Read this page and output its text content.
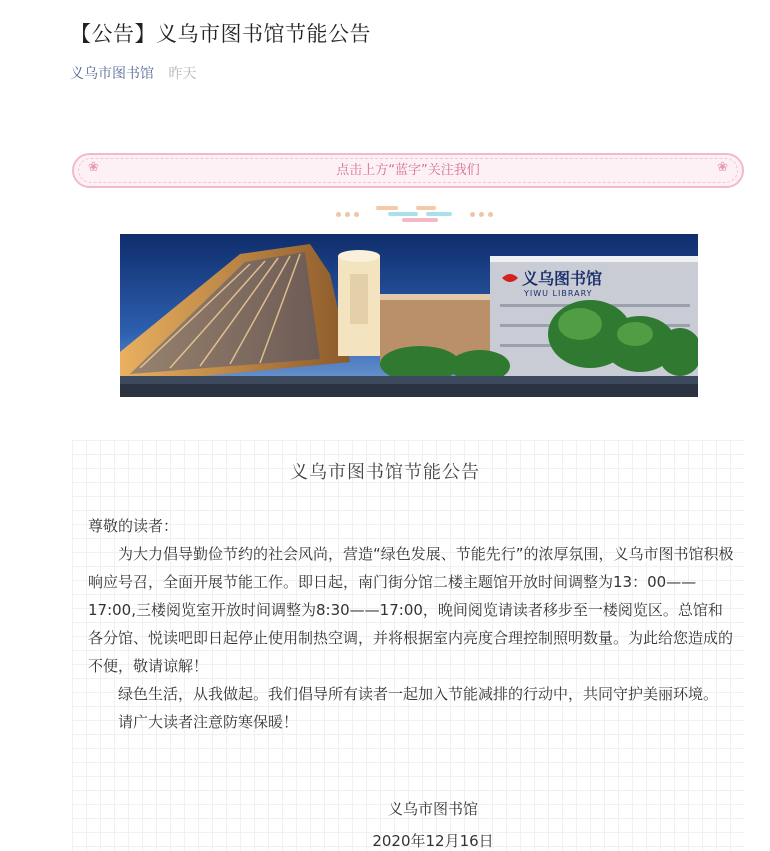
【公告】义乌市图书馆节能公告
义乌市图书馆 昨天
❀	❀
点击上方“蓝字”关注我们
义乌图书馆
YIWU LIBRARY
义乌市图书馆节能公告

尊敬的读者：

为大力倡导勤俭节约的社会风尚，营造“绿色发展、节能先行”的浓厚氛围，义乌市图书馆积极响应号召，全面开展节能工作。即日起，南门街分馆二楼主题馆开放时间调整为13：00——17:00,三楼阅览室开放时间调整为8:30——17:00，晚间阅览请读者移步至一楼阅览区。总馆和各分馆、悦读吧即日起停止使用制热空调，并将根据室内亮度合理控制照明数量。为此给您造成的不便，敬请谅解！

绿色生活，从我做起。我们倡导所有读者一起加入节能减排的行动中，共同守护美丽环境。

请广大读者注意防寒保暖！

义乌市图书馆
2020年12月16日
